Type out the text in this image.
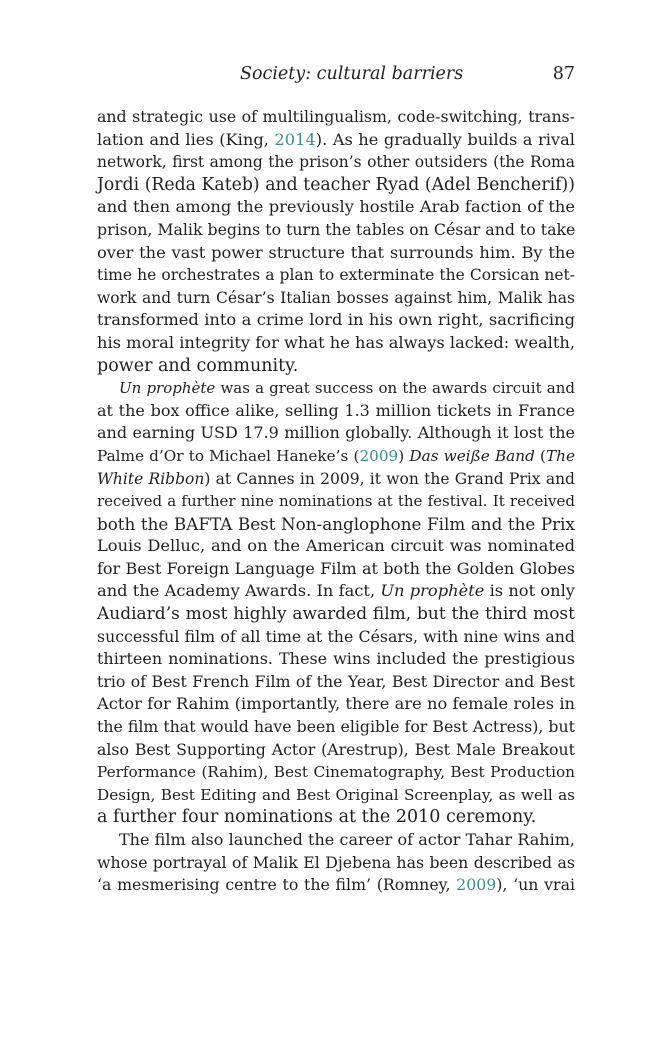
Society: cultural barriers	87
and strategic use of multilingualism, code-switching, trans-
lation and lies (King, 2014). As he gradually builds a rival
network, first among the prison’s other outsiders (the Roma
Jordi (Reda Kateb) and teacher Ryad (Adel Bencherif))
and then among the previously hostile Arab faction of the
prison, Malik begins to turn the tables on César and to take
over the vast power structure that surrounds him. By the
time he orchestrates a plan to exterminate the Corsican net-
work and turn César’s Italian bosses against him, Malik has
transformed into a crime lord in his own right, sacrificing
his moral integrity for what he has always lacked: wealth,
power and community.
Un prophète was a great success on the awards circuit and
at the box office alike, selling 1.3 million tickets in France
and earning USD 17.9 million globally. Although it lost the
Palme d’Or to Michael Haneke’s (2009) Das weiße Band (The
White Ribbon) at Cannes in 2009, it won the Grand Prix and
received a further nine nominations at the festival. It received
both the BAFTA Best Non-anglophone Film and the Prix
Louis Delluc, and on the American circuit was nominated
for Best Foreign Language Film at both the Golden Globes
and the Academy Awards. In fact, Un prophète is not only
Audiard’s most highly awarded film, but the third most
successful film of all time at the Césars, with nine wins and
thirteen nominations. These wins included the prestigious
trio of Best French Film of the Year, Best Director and Best
Actor for Rahim (importantly, there are no female roles in
the film that would have been eligible for Best Actress), but
also Best Supporting Actor (Arestrup), Best Male Breakout
Performance (Rahim), Best Cinematography, Best Production
Design, Best Editing and Best Original Screenplay, as well as
a further four nominations at the 2010 ceremony.
The film also launched the career of actor Tahar Rahim,
whose portrayal of Malik El Djebena has been described as
‘a mesmerising centre to the film’ (Romney, 2009), ‘un vrai
